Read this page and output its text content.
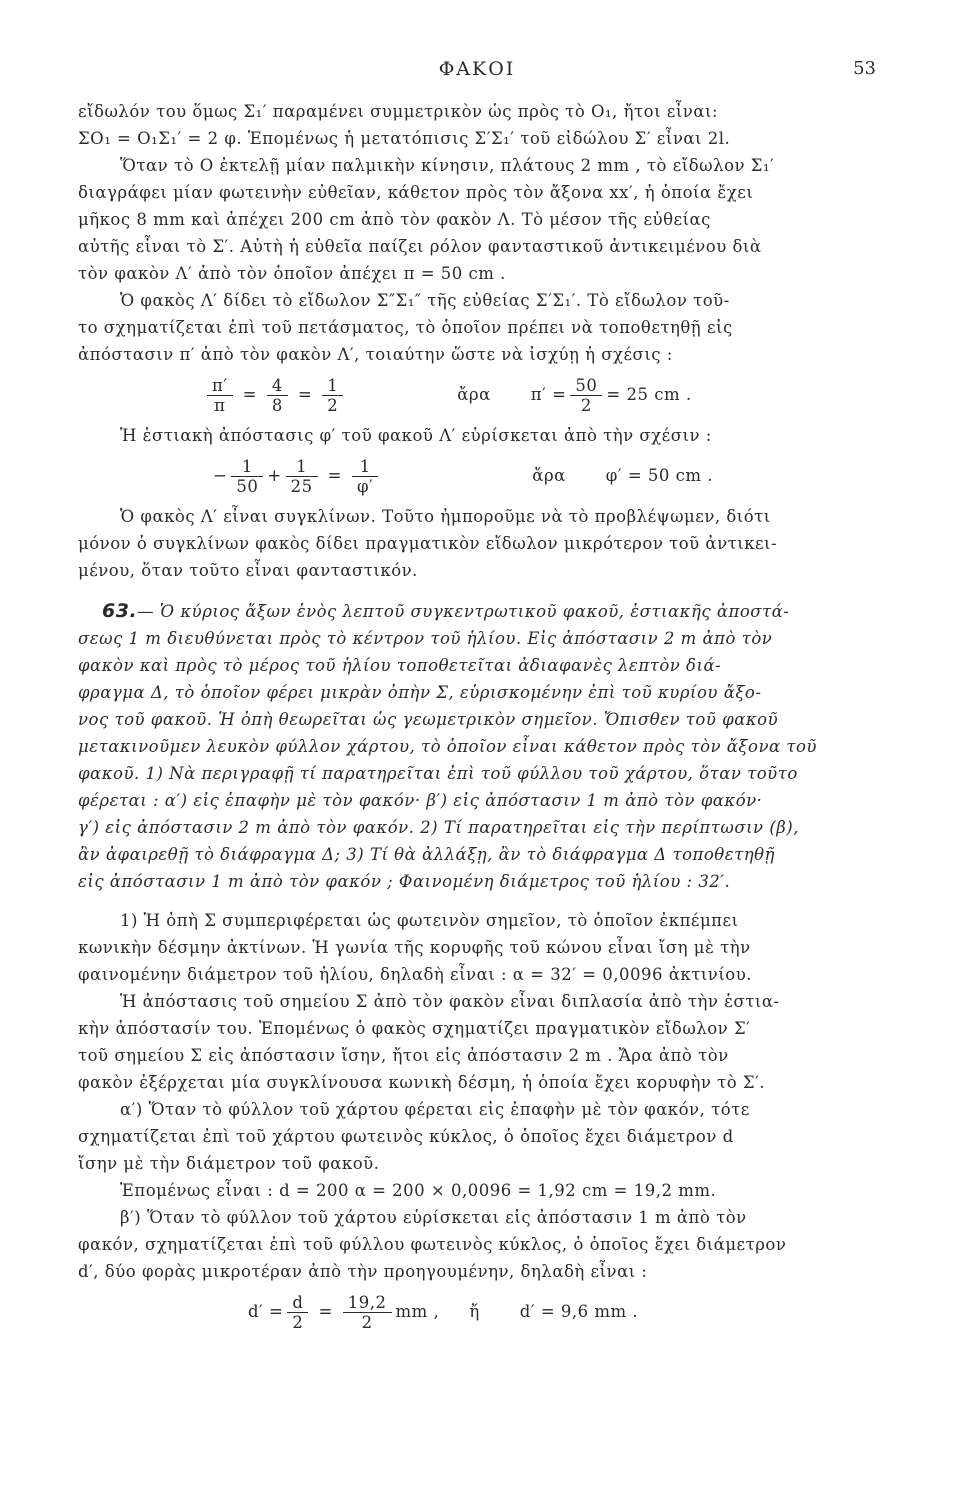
ΦΑΚΟΙ	53
εἴδωλόν του ὅμως Σ₁′ παραμένει συμμετρικὸν ὡς πρὸς τὸ Ο₁, ἤτοι εἶναι:
ΣΟ₁ = Ο₁Σ₁′ = 2 φ. Ἑπομένως ἡ μετατόπισις Σ′Σ₁′ τοῦ εἰδώλου Σ′ εἶναι 2l.
Ὅταν τὸ Ο ἐκτελῇ μίαν παλμικὴν κίνησιν, πλάτους 2 mm , τὸ εἴδωλον Σ₁′
διαγράφει μίαν φωτεινὴν εὐθεῖαν, κάθετον πρὸς τὸν ἄξονα xx′, ἡ ὁποία ἔχει
μῆκος 8 mm καὶ ἀπέχει 200 cm ἀπὸ τὸν φακὸν Λ. Τὸ μέσον τῆς εὐθείας
αὐτῆς εἶναι τὸ Σ′. Αὐτὴ ἡ εὐθεῖα παίζει ρόλον φανταστικοῦ ἀντικειμένου διὰ
τὸν φακὸν Λ′ ἀπὸ τὸν ὁποῖον ἀπέχει π = 50 cm .
Ὁ φακὸς Λ′ δίδει τὸ εἴδωλον Σ″Σ₁″ τῆς εὐθείας Σ′Σ₁′. Τὸ εἴδωλον τοῦ-
το σχηματίζεται ἐπὶ τοῦ πετάσματος, τὸ ὁποῖον πρέπει νὰ τοποθετηθῇ εἰς
ἀπόστασιν π′ ἀπὸ τὸν φακὸν Λ′, τοιαύτην ὥστε νὰ ἰσχύῃ ἡ σχέσις :
$\frac{\pi'}{\pi} = \frac{4}{8} = \frac{1}{2}$	ἄρα $\pi' = \frac{50}{2} = 25$ cm .
Ἡ ἑστιακὴ ἀπόστασις φ′ τοῦ φακοῦ Λ′ εὑρίσκεται ἀπὸ τὴν σχέσιν :
− $\frac{1}{50} + \frac{1}{25} = \frac{1}{\varphi'}$	ἄρα φ′ = 50 cm .
Ὁ φακὸς Λ′ εἶναι συγκλίνων. Τοῦτο ἠμποροῦμε νὰ τὸ προβλέψωμεν, διότι
μόνον ὁ συγκλίνων φακὸς δίδει πραγματικὸν εἴδωλον μικρότερον τοῦ ἀντικει-
μένου, ὅταν τοῦτο εἶναι φανταστικόν.
63.— Ὁ κύριος ἄξων ἑνὸς λεπτοῦ συγκεντρωτικοῦ φακοῦ, ἑστιακῆς ἀποστά-
σεως 1 m διευθύνεται πρὸς τὸ κέντρον τοῦ ἡλίου. Εἰς ἀπόστασιν 2 m ἀπὸ τὸν
φακὸν καὶ πρὸς τὸ μέρος τοῦ ἡλίου τοποθετεῖται ἀδιαφανὲς λεπτὸν διά-
φραγμα Δ, τὸ ὁποῖον φέρει μικρὰν ὀπὴν Σ, εὑρισκομένην ἐπὶ τοῦ κυρίου ἄξο-
νος τοῦ φακοῦ. Ἡ ὀπὴ θεωρεῖται ὡς γεωμετρικὸν σημεῖον. Ὄπισθεν τοῦ φακοῦ
μετακινοῦμεν λευκὸν φύλλον χάρτου, τὸ ὁποῖον εἶναι κάθετον πρὸς τὸν ἄξονα τοῦ
φακοῦ. 1) Νὰ περιγραφῇ τί παρατηρεῖται ἐπὶ τοῦ φύλλου τοῦ χάρτου, ὅταν τοῦτο
φέρεται : α′) εἰς ἐπαφὴν μὲ τὸν φακόν· β′) εἰς ἀπόστασιν 1 m ἀπὸ τὸν φακόν·
γ′) εἰς ἀπόστασιν 2 m ἀπὸ τὸν φακόν. 2) Τί παρατηρεῖται εἰς τὴν περίπτωσιν (β),
ἂν ἀφαιρεθῇ τὸ διάφραγμα Δ; 3) Τί θὰ ἀλλάξῃ, ἂν τὸ διάφραγμα Δ τοποθετηθῇ
εἰς ἀπόστασιν 1 m ἀπὸ τὸν φακόν ; Φαινομένη διάμετρος τοῦ ἡλίου : 32′.
1) Ἡ ὀπὴ Σ συμπεριφέρεται ὡς φωτεινὸν σημεῖον, τὸ ὁποῖον ἐκπέμπει
κωνικὴν δέσμην ἀκτίνων. Ἡ γωνία τῆς κορυφῆς τοῦ κώνου εἶναι ἴση μὲ τὴν
φαινομένην διάμετρον τοῦ ἡλίου, δηλαδὴ εἶναι : α = 32′ = 0,0096 ἀκτινίου.
Ἡ ἀπόστασις τοῦ σημείου Σ ἀπὸ τὸν φακὸν εἶναι διπλασία ἀπὸ τὴν ἑστια-
κὴν ἀπόστασίν του. Ἑπομένως ὁ φακὸς σχηματίζει πραγματικὸν εἴδωλον Σ′
τοῦ σημείου Σ εἰς ἀπόστασιν ἴσην, ἤτοι εἰς ἀπόστασιν 2 m . Ἄρα ἀπὸ τὸν
φακὸν ἐξέρχεται μία συγκλίνουσα κωνικὴ δέσμη, ἡ ὁποία ἔχει κορυφὴν τὸ Σ′.
α′) Ὅταν τὸ φύλλον τοῦ χάρτου φέρεται εἰς ἐπαφὴν μὲ τὸν φακόν, τότε
σχηματίζεται ἐπὶ τοῦ χάρτου φωτεινὸς κύκλος, ὁ ὁποῖος ἔχει διάμετρον d
ἴσην μὲ τὴν διάμετρον τοῦ φακοῦ.
Ἑπομένως εἶναι : d = 200 α = 200 × 0,0096 = 1,92 cm = 19,2 mm.
β′) Ὅταν τὸ φύλλον τοῦ χάρτου εὑρίσκεται εἰς ἀπόστασιν 1 m ἀπὸ τὸν
φακόν, σχηματίζεται ἐπὶ τοῦ φύλλου φωτεινὸς κύκλος, ὁ ὁποῖος ἔχει διάμετρον
d′, δύο φορὰς μικροτέραν ἀπὸ τὴν προηγουμένην, δηλαδὴ εἶναι :
$d' = \frac{d}{2} = \frac{19,2}{2}$ mm , ἤ d′ = 9,6 mm .
